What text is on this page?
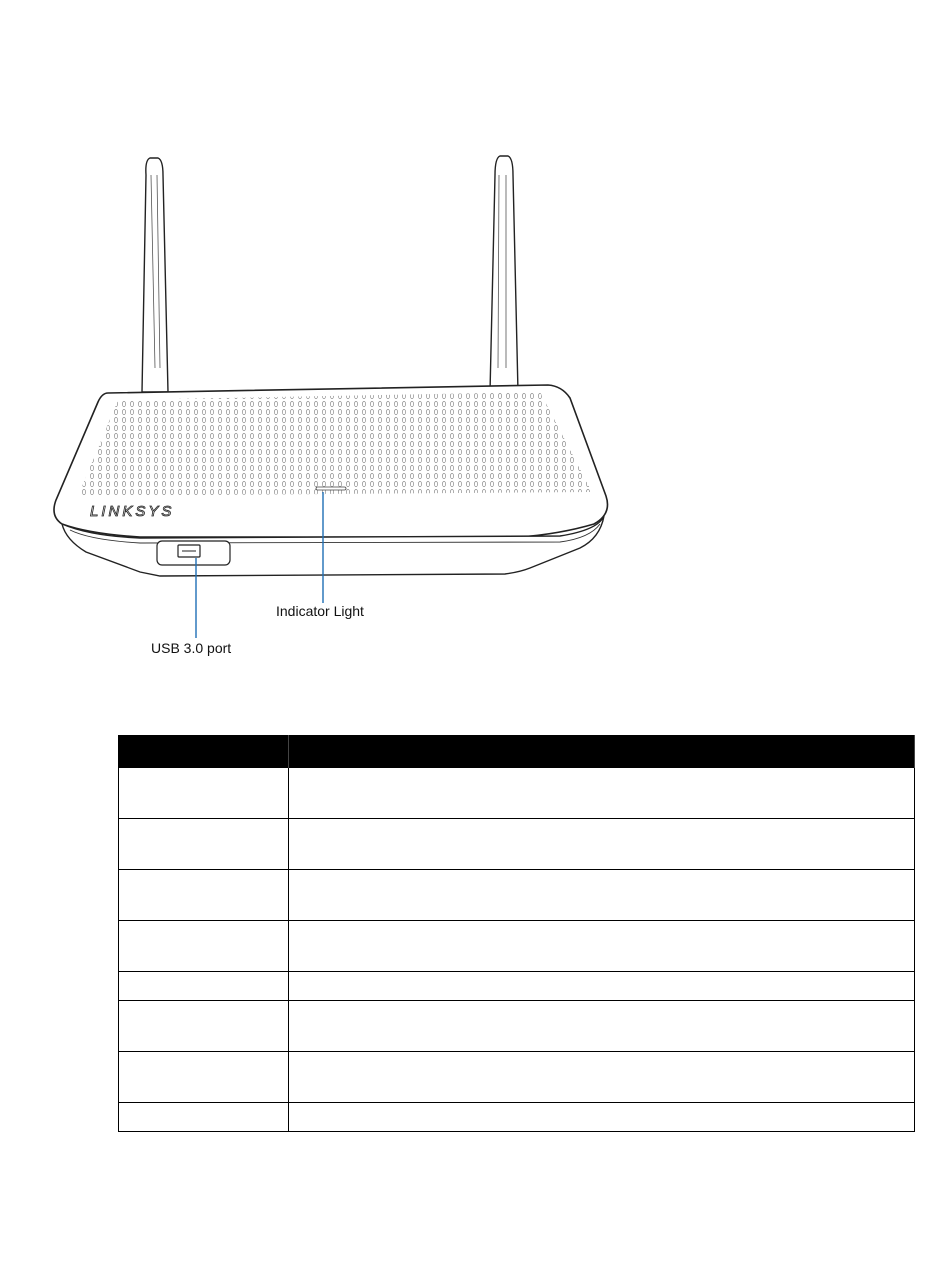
LINKSYS
Indicator Light
USB 3.0 port
